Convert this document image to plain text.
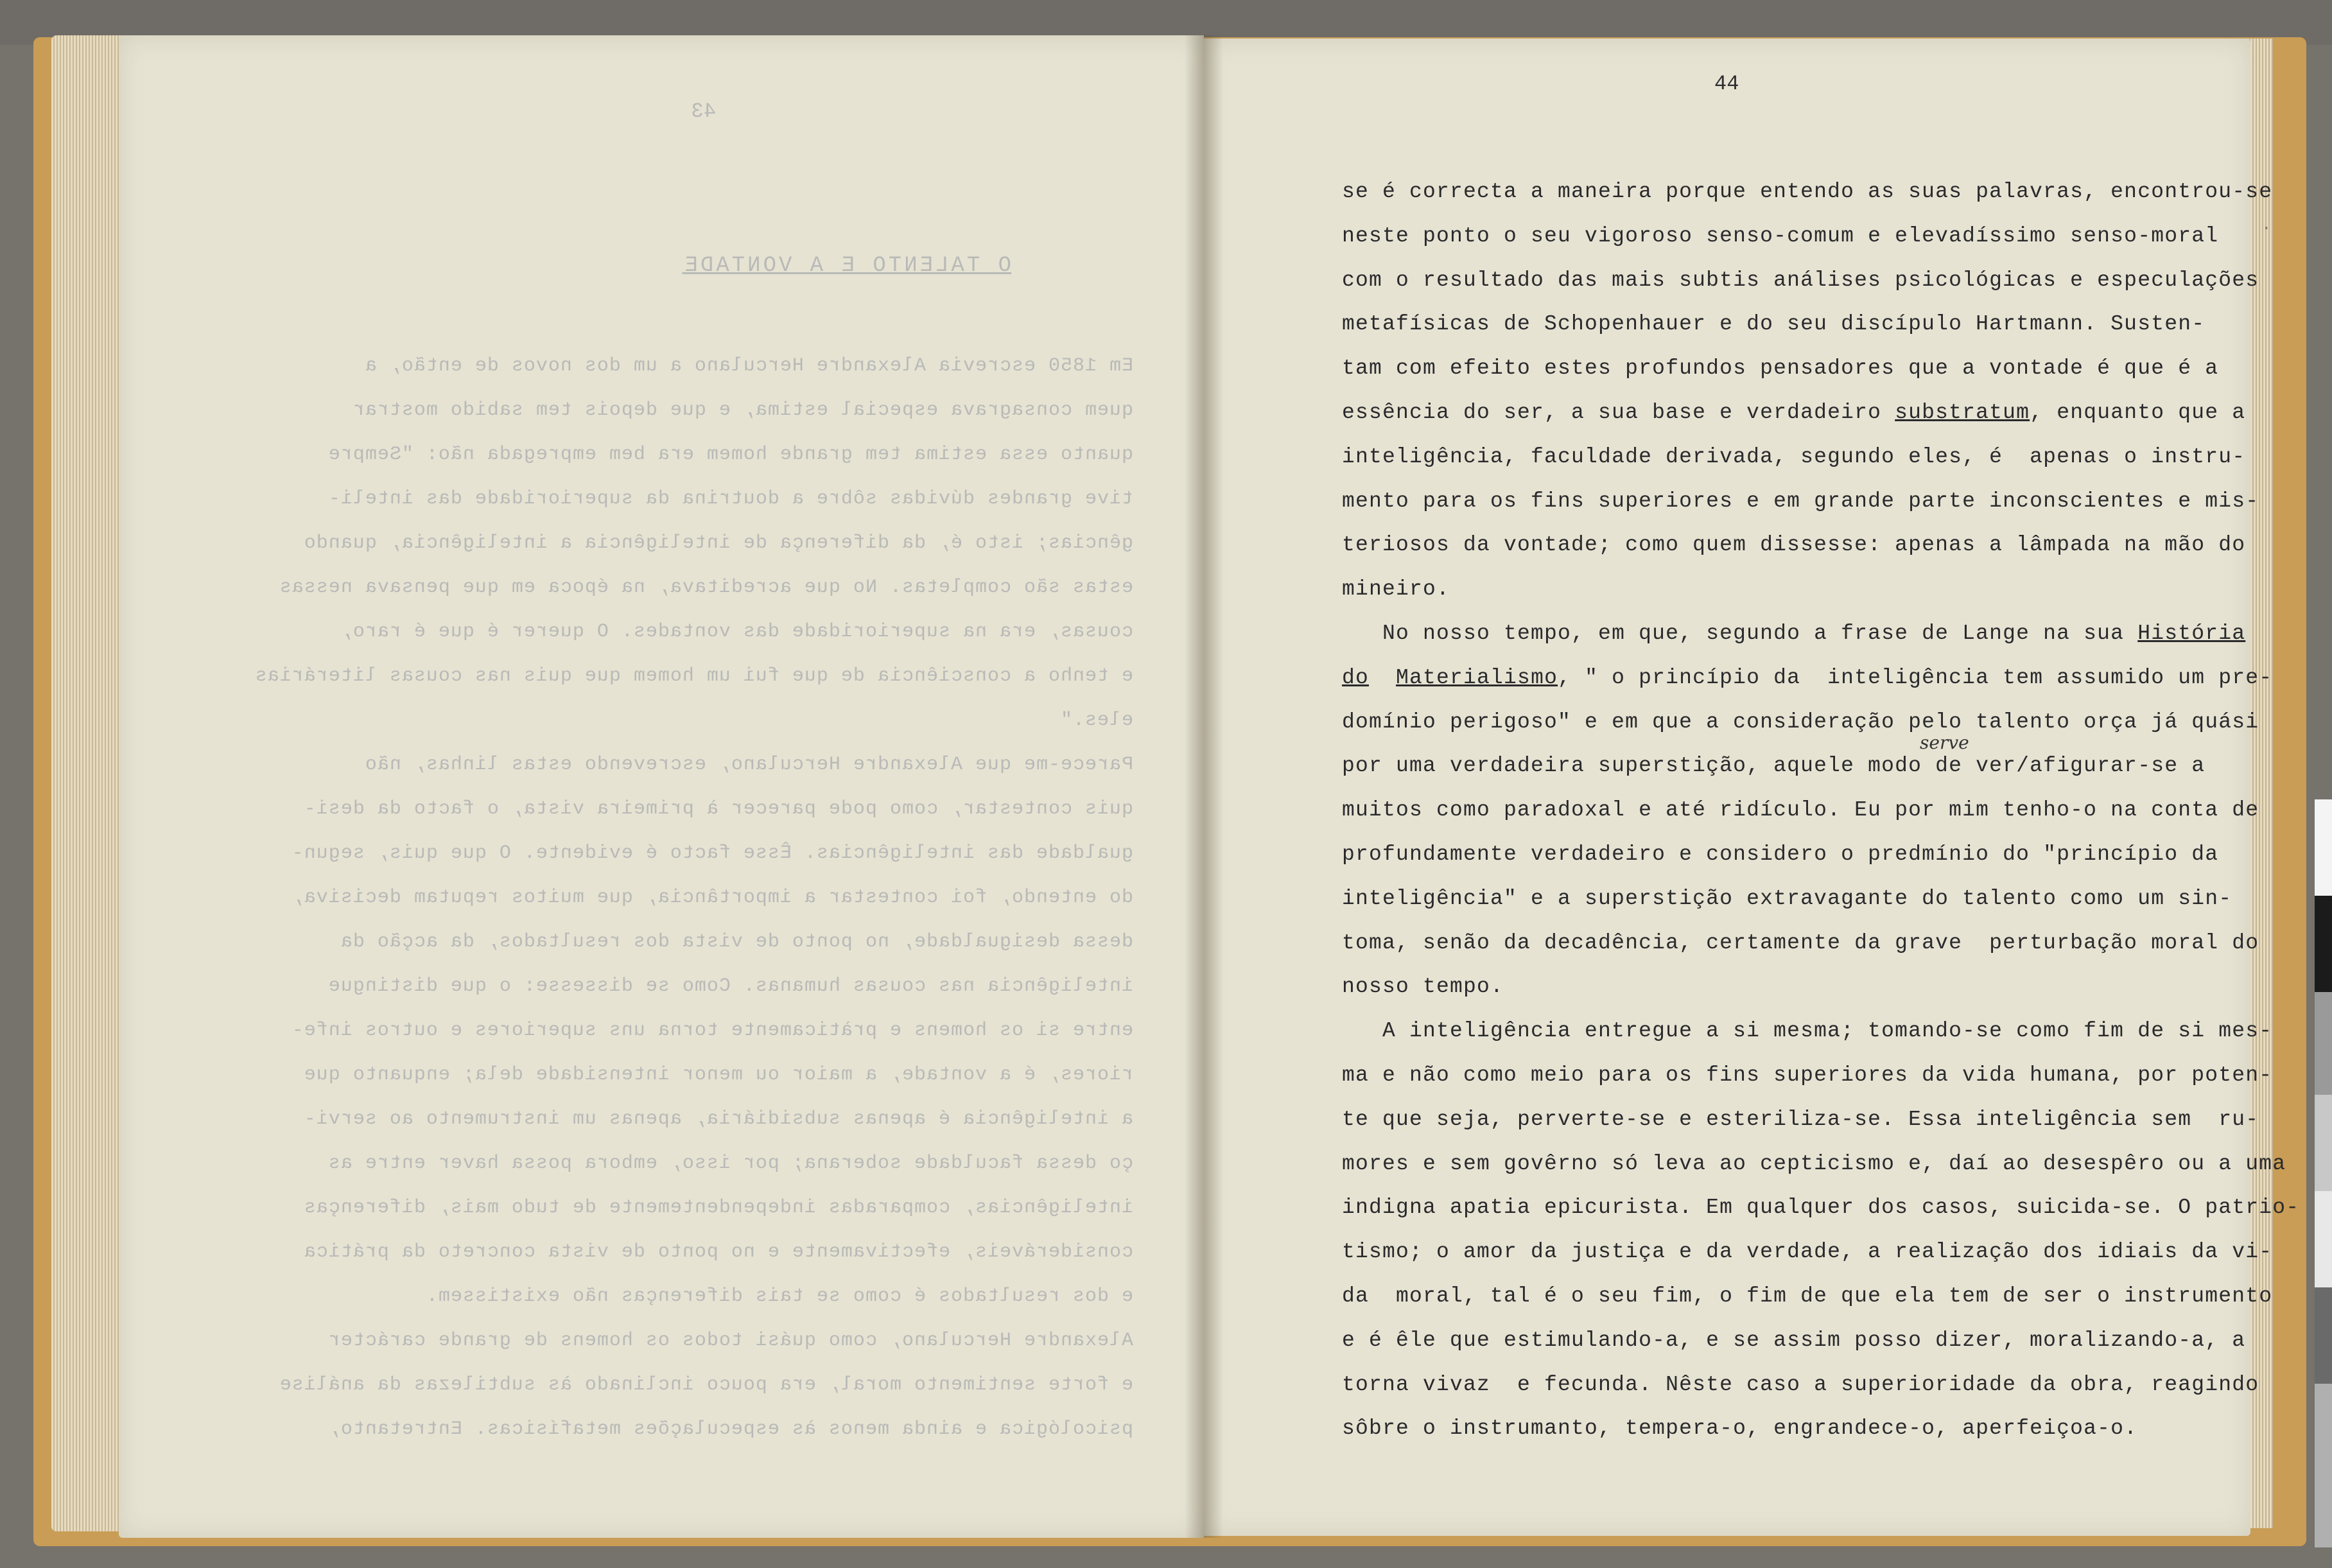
43
O TALENTO E A VONTADE
Em 1850 escrevia Alexandre Herculano a um dos novos de então, a
quem consagrava especial estima, e que depois tem sabido mostrar
quanto essa estima tem grande homem era bem empregada não: "Sempre
tive grandes dúvidas sôbre a doutrina da superioridade das inteli-
gências; isto é, da diferença de inteligência a inteligência, quando
estas são completas. No que acreditava, na época em que pensava nessas
cousas, era na superioridade das vontades. O querer é que é raro,
e tenho a consciência de que fui um homem que quis nas cousas literárias
eles."
Parece-me que Alexandre Herculano, escrevendo estas linhas, não
quis contestar, como pode parecer à primeira vista, o facto da desi-
gualdade das inteligências. Êsse facto é evidente. O que quis, segun-
do entendo, foi contestar a importância, que muitos reputam decisiva,
dessa desigualdade, no ponto de vista dos resultados, da acção da
inteligência nas cousas humanas. Como se dissesse: o que distingue
entre si os homens e pràticamente torna uns superiores e outros infe-
riores, é a vontade, a maior ou menor intensidade dela; enquanto que
a inteligência é apenas subsidiária, apenas um instrumento ao servi-
ço dessa faculdade soberana; por isso, embora possa haver entre as
inteligências, comparadas independentemente de tudo mais, diferenças
consideráveis, efectivamente e no ponto de vista concreto da prática
e dos resultados é como se tais diferenças não existissem.
Alexandre Herculano, como quási todos os homens de grande carácter
e forte sentimento moral, era pouco inclinado às subtilezas da análise
psicológica e ainda menos às especulações metafísicas. Entretanto,
44
se é correcta a maneira porque entendo as suas palavras, encontrou-se
neste ponto o seu vigoroso senso-comum e elevadíssimo senso-moral
com o resultado das mais subtis análises psicológicas e especulações
metafísicas de Schopenhauer e do seu discípulo Hartmann. Susten-
tam com efeito estes profundos pensadores que a vontade é que é a
essência do ser, a sua base e verdadeiro substratum, enquanto que a
inteligência, faculdade derivada, segundo eles, é  apenas o instru-
mento para os fins superiores e em grande parte inconscientes e mis-
teriosos da vontade; como quem dissesse: apenas a lâmpada na mão do
mineiro.
No nosso tempo, em que, segundo a frase de Lange na sua História
do Materialismo, " o princípio da  inteligência tem assumido um pre-
domínio perigoso" e em que a consideração pelo talento orça já quási
por uma verdadeira superstição, aquele modo de ver/afigurar-se a
muitos como paradoxal e até ridículo. Eu por mim tenho-o na conta de
profundamente verdadeiro e considero o predmínio do "princípio da
inteligência" e a superstição extravagante do talento como um sin-
toma, senão da decadência, certamente da grave  perturbação moral do
nosso tempo.
A inteligência entregue a si mesma; tomando-se como fim de si mes-
ma e não como meio para os fins superiores da vida humana, por poten-
te que seja, perverte-se e esteriliza-se. Essa inteligência sem  ru-
mores e sem govêrno só leva ao cepticismo e, daí ao desespêro ou a uma
indigna apatia epicurista. Em qualquer dos casos, suicida-se. O patrio-
tismo; o amor da justiça e da verdade, a realização dos idiais da vi-
da  moral, tal é o seu fim, o fim de que ela tem de ser o instrumento
e é êle que estimulando-a, e se assim posso dizer, moralizando-a, a
torna vivaz  e fecunda. Nêste caso a superioridade da obra, reagindo
sôbre o instrumanto, tempera-o, engrandece-o, aperfeiçoa-o.
serve
.
